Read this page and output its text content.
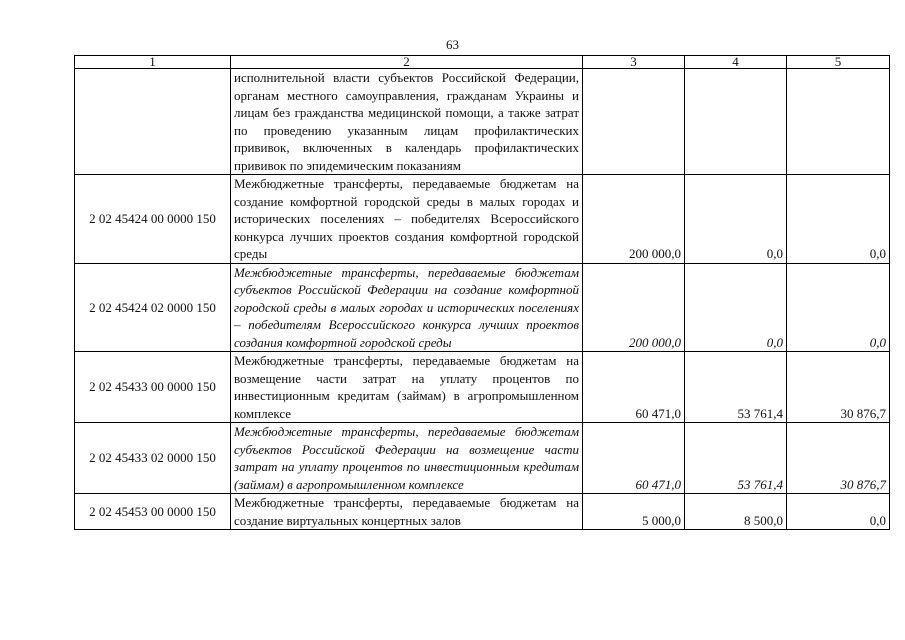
63
1	2	3	4	5
	исполнительной власти субъектов Российской Федерации, органам местного самоуправления, гражданам Украины и лицам без гражданства медицинской помощи, а также затрат по проведению указанным лицам профилактических прививок, включенных в календарь профилактических прививок по эпидемическим показаниям			
2 02 45424 00 0000 150	Межбюджетные трансферты, передаваемые бюджетам на создание комфортной городской среды в малых городах и исторических поселениях – победителях Всероссийского конкурса лучших проектов создания комфортной городской среды	200 000,0	0,0	0,0
2 02 45424 02 0000 150	Межбюджетные трансферты, передаваемые бюджетам субъектов Российской Федерации на создание комфортной городской среды в малых городах и исторических поселениях – победителям Всероссийского конкурса лучших проектов создания комфортной городской среды	200 000,0	0,0	0,0
2 02 45433 00 0000 150	Межбюджетные трансферты, передаваемые бюджетам на возмещение части затрат на уплату процентов по инвестиционным кредитам (займам) в агропромышленном комплексе	60 471,0	53 761,4	30 876,7
2 02 45433 02 0000 150	Межбюджетные трансферты, передаваемые бюджетам субъектов Российской Федерации на возмещение части затрат на уплату процентов по инвестиционным кредитам (займам) в агропромышленном комплексе	60 471,0	53 761,4	30 876,7
2 02 45453 00 0000 150	Межбюджетные трансферты, передаваемые бюджетам на создание виртуальных концертных залов	5 000,0	8 500,0	0,0
